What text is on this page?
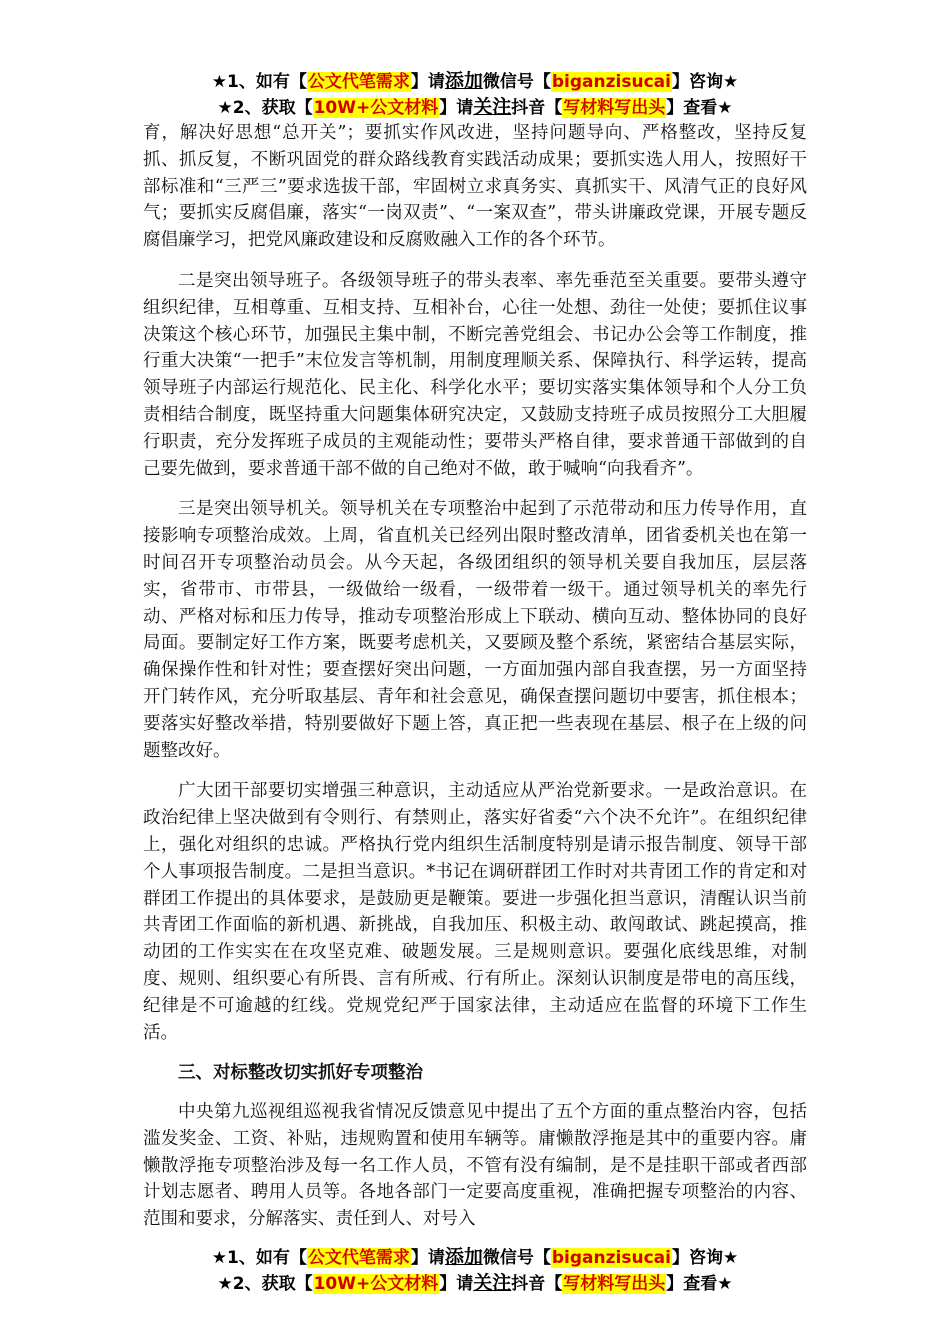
★1、如有【公文代笔需求】请添加微信号【biganzisucai】咨询★
★2、获取【10W+公文材料】请关注抖音【写材料写出头】查看★

育，解决好思想“总开关”；要抓实作风改进，坚持问题导向、严格整改，坚持反复抓、抓反复，不断巩固党的群众路线教育实践活动成果；要抓实选人用人，按照好干部标准和“三严三”要求选拔干部，牢固树立求真务实、真抓实干、风清气正的良好风气；要抓实反腐倡廉，落实“一岗双责”、“一案双查”，带头讲廉政党课，开展专题反腐倡廉学习，把党风廉政建设和反腐败融入工作的各个环节。

二是突出领导班子。各级领导班子的带头表率、率先垂范至关重要。要带头遵守组织纪律，互相尊重、互相支持、互相补台，心往一处想、劲往一处使；要抓住议事决策这个核心环节，加强民主集中制，不断完善党组会、书记办公会等工作制度，推行重大决策“一把手”末位发言等机制，用制度理顺关系、保障执行、科学运转，提高领导班子内部运行规范化、民主化、科学化水平；要切实落实集体领导和个人分工负责相结合制度，既坚持重大问题集体研究决定，又鼓励支持班子成员按照分工大胆履行职责，充分发挥班子成员的主观能动性；要带头严格自律，要求普通干部做到的自己要先做到，要求普通干部不做的自己绝对不做，敢于喊响“向我看齐”。

三是突出领导机关。领导机关在专项整治中起到了示范带动和压力传导作用，直接影响专项整治成效。上周，省直机关已经列出限时整改清单，团省委机关也在第一时间召开专项整治动员会。从今天起，各级团组织的领导机关要自我加压，层层落实，省带市、市带县，一级做给一级看，一级带着一级干。通过领导机关的率先行动、严格对标和压力传导，推动专项整治形成上下联动、横向互动、整体协同的良好局面。要制定好工作方案，既要考虑机关，又要顾及整个系统，紧密结合基层实际，确保操作性和针对性；要查摆好突出问题，一方面加强内部自我查摆，另一方面坚持开门转作风，充分听取基层、青年和社会意见，确保查摆问题切中要害，抓住根本；要落实好整改举措，特别要做好下题上答，真正把一些表现在基层、根子在上级的问题整改好。

广大团干部要切实增强三种意识，主动适应从严治党新要求。一是政治意识。在政治纪律上坚决做到有令则行、有禁则止，落实好省委“六个决不允许”。在组织纪律上，强化对组织的忠诚。严格执行党内组织生活制度特别是请示报告制度、领导干部个人事项报告制度。二是担当意识。*书记在调研群团工作时对共青团工作的肯定和对群团工作提出的具体要求，是鼓励更是鞭策。要进一步强化担当意识，清醒认识当前共青团工作面临的新机遇、新挑战，自我加压、积极主动、敢闯敢试、跳起摸高，推动团的工作实实在在攻坚克难、破题发展。三是规则意识。要强化底线思维，对制度、规则、组织要心有所畏、言有所戒、行有所止。深刻认识制度是带电的高压线，纪律是不可逾越的红线。党规党纪严于国家法律，主动适应在监督的环境下工作生活。

三、对标整改切实抓好专项整治

中央第九巡视组巡视我省情况反馈意见中提出了五个方面的重点整治内容，包括滥发奖金、工资、补贴，违规购置和使用车辆等。庸懒散浮拖是其中的重要内容。庸懒散浮拖专项整治涉及每一名工作人员，不管有没有编制，是不是挂职干部或者西部计划志愿者、聘用人员等。各地各部门一定要高度重视，准确把握专项整治的内容、范围和要求，分解落实、责任到人、对号入

★1、如有【公文代笔需求】请添加微信号【biganzisucai】咨询★
★2、获取【10W+公文材料】请关注抖音【写材料写出头】查看★
